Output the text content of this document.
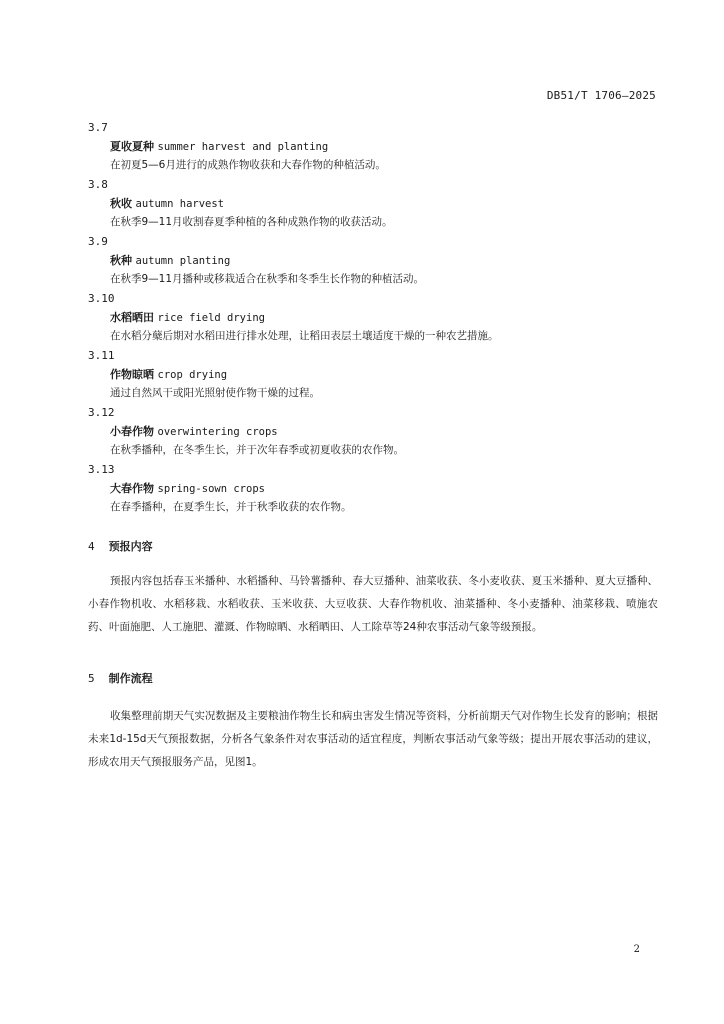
DB51/T 1706—2025
3.7
夏收夏种 summer harvest and planting
在初夏5—6月进行的成熟作物收获和大春作物的种植活动。
3.8
秋收 autumn harvest
在秋季9—11月收割春夏季种植的各种成熟作物的收获活动。
3.9
秋种 autumn planting
在秋季9—11月播种或移栽适合在秋季和冬季生长作物的种植活动。
3.10
水稻晒田 rice field drying
在水稻分蘖后期对水稻田进行排水处理，让稻田表层土壤适度干燥的一种农艺措施。
3.11
作物晾晒 crop drying
通过自然风干或阳光照射使作物干燥的过程。
3.12
小春作物 overwintering crops
在秋季播种，在冬季生长，并于次年春季或初夏收获的农作物。
3.13
大春作物 spring-sown crops
在春季播种，在夏季生长，并于秋季收获的农作物。
4 预报内容

预报内容包括春玉米播种、水稻播种、马铃薯播种、春大豆播种、油菜收获、冬小麦收获、夏玉米播种、夏大豆播种、小春作物机收、水稻移栽、水稻收获、玉米收获、大豆收获、大春作物机收、油菜播种、冬小麦播种、油菜移栽、喷施农药、叶面施肥、人工施肥、灌溉、作物晾晒、水稻晒田、人工除草等24种农事活动气象等级预报。

5 制作流程

收集整理前期天气实况数据及主要粮油作物生长和病虫害发生情况等资料，分析前期天气对作物生长发育的影响；根据未来1d-15d天气预报数据，分析各气象条件对农事活动的适宜程度，判断农事活动气象等级；提出开展农事活动的建议，形成农用天气预报服务产品，见图1。

2
